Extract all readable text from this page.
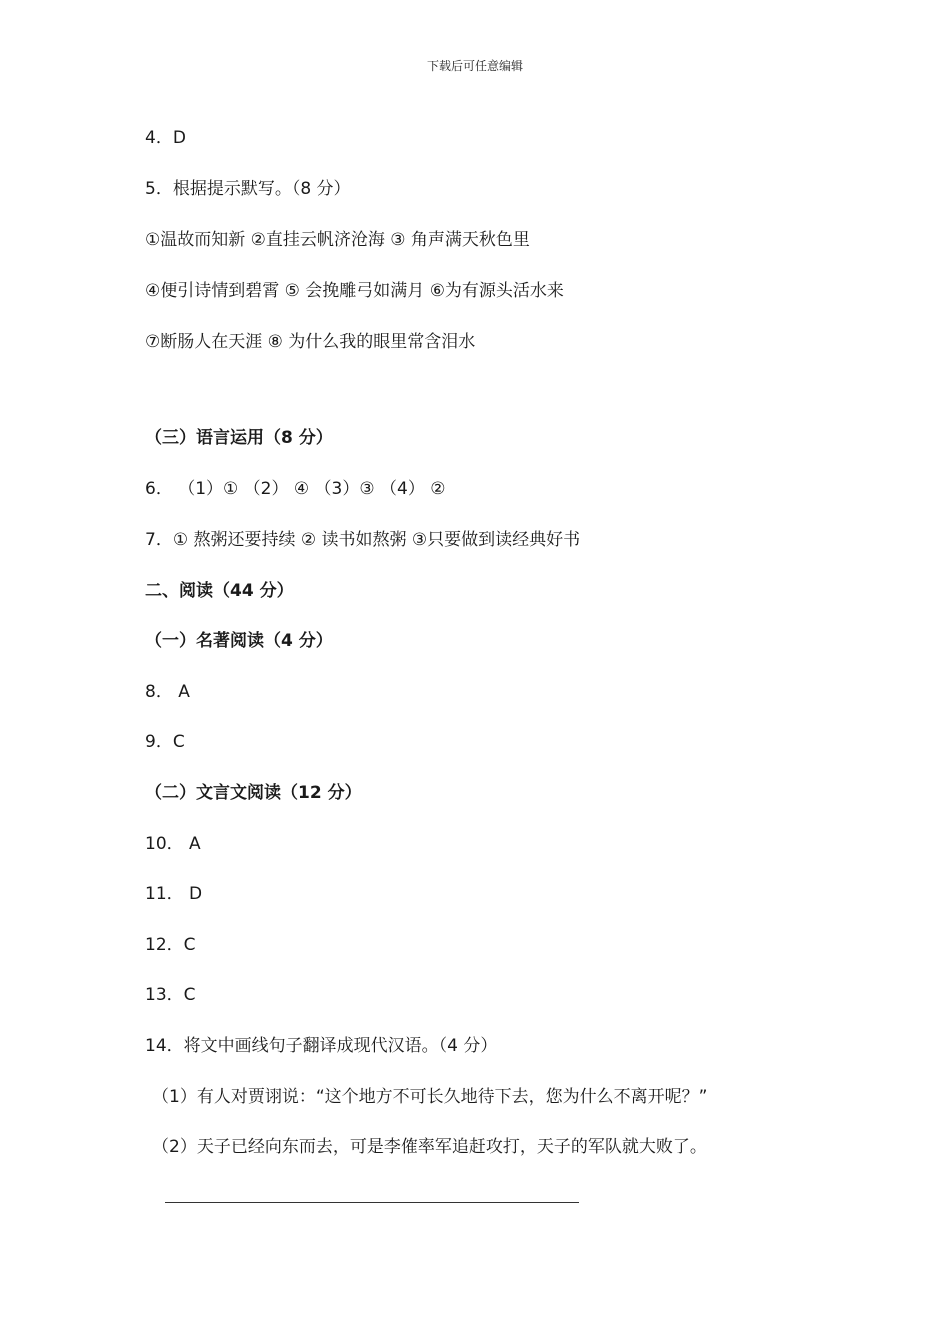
下载后可任意编辑
4．D
5．根据提示默写。（8 分）
①温故而知新 ②直挂云帆济沧海 ③ 角声满天秋色里
④便引诗情到碧霄 ⑤ 会挽雕弓如满月 ⑥为有源头活水来
⑦断肠人在天涯 ⑧ 为什么我的眼里常含泪水
（三）语言运用（8 分）
6． （1）① （2） ④ （3）③ （4） ②
7．① 熬粥还要持续 ② 读书如熬粥 ③只要做到读经典好书
二、阅读（44 分）
（一）名著阅读（4 分）
8． A
9．C
（二）文言文阅读（12 分）
10． A
11． D
12．C
13．C
14．将文中画线句子翻译成现代汉语。（4 分）
（1）有人对贾诩说：“这个地方不可长久地待下去，您为什么不离开呢？”
（2）天子已经向东而去，可是李傕率军追赶攻打，天子的军队就大败了。
